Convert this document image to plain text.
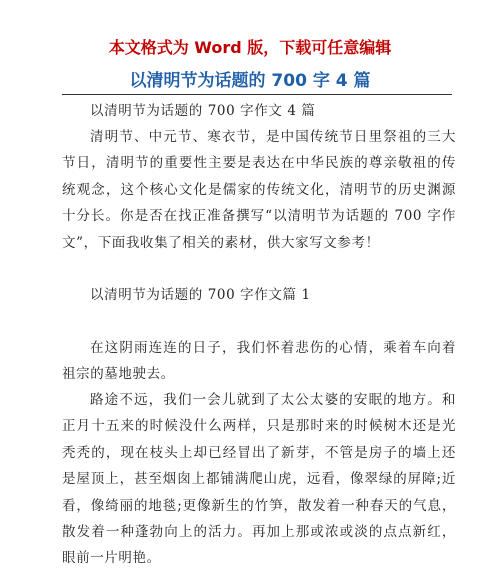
本文格式为 Word 版，下载可任意编辑
以清明节为话题的 700 字 4 篇
以清明节为话题的 700 字作文 4 篇
清明节、中元节、寒衣节，是中国传统节日里祭祖的三大节日，清明节的重要性主要是表达在中华民族的尊亲敬祖的传统观念，这个核心文化是儒家的传统文化，清明节的历史渊源十分长。你是否在找正准备撰写“以清明节为话题的 700 字作文”，下面我收集了相关的素材，供大家写文参考！
以清明节为话题的 700 字作文篇 1
在这阴雨连连的日子，我们怀着悲伤的心情，乘着车向着祖宗的墓地驶去。
路途不远，我们一会儿就到了太公太婆的安眠的地方。和正月十五来的时候没什么两样，只是那时来的时候树木还是光秃秃的，现在枝头上却已经冒出了新芽，不管是房子的墙上还是屋顶上，甚至烟囱上都铺满爬山虎，远看，像翠绿的屏障;近看，像绮丽的地毯;更像新生的竹笋，散发着一种春天的气息，散发着一种蓬勃向上的活力。再加上那或浓或淡的点点新红，眼前一片明艳。
